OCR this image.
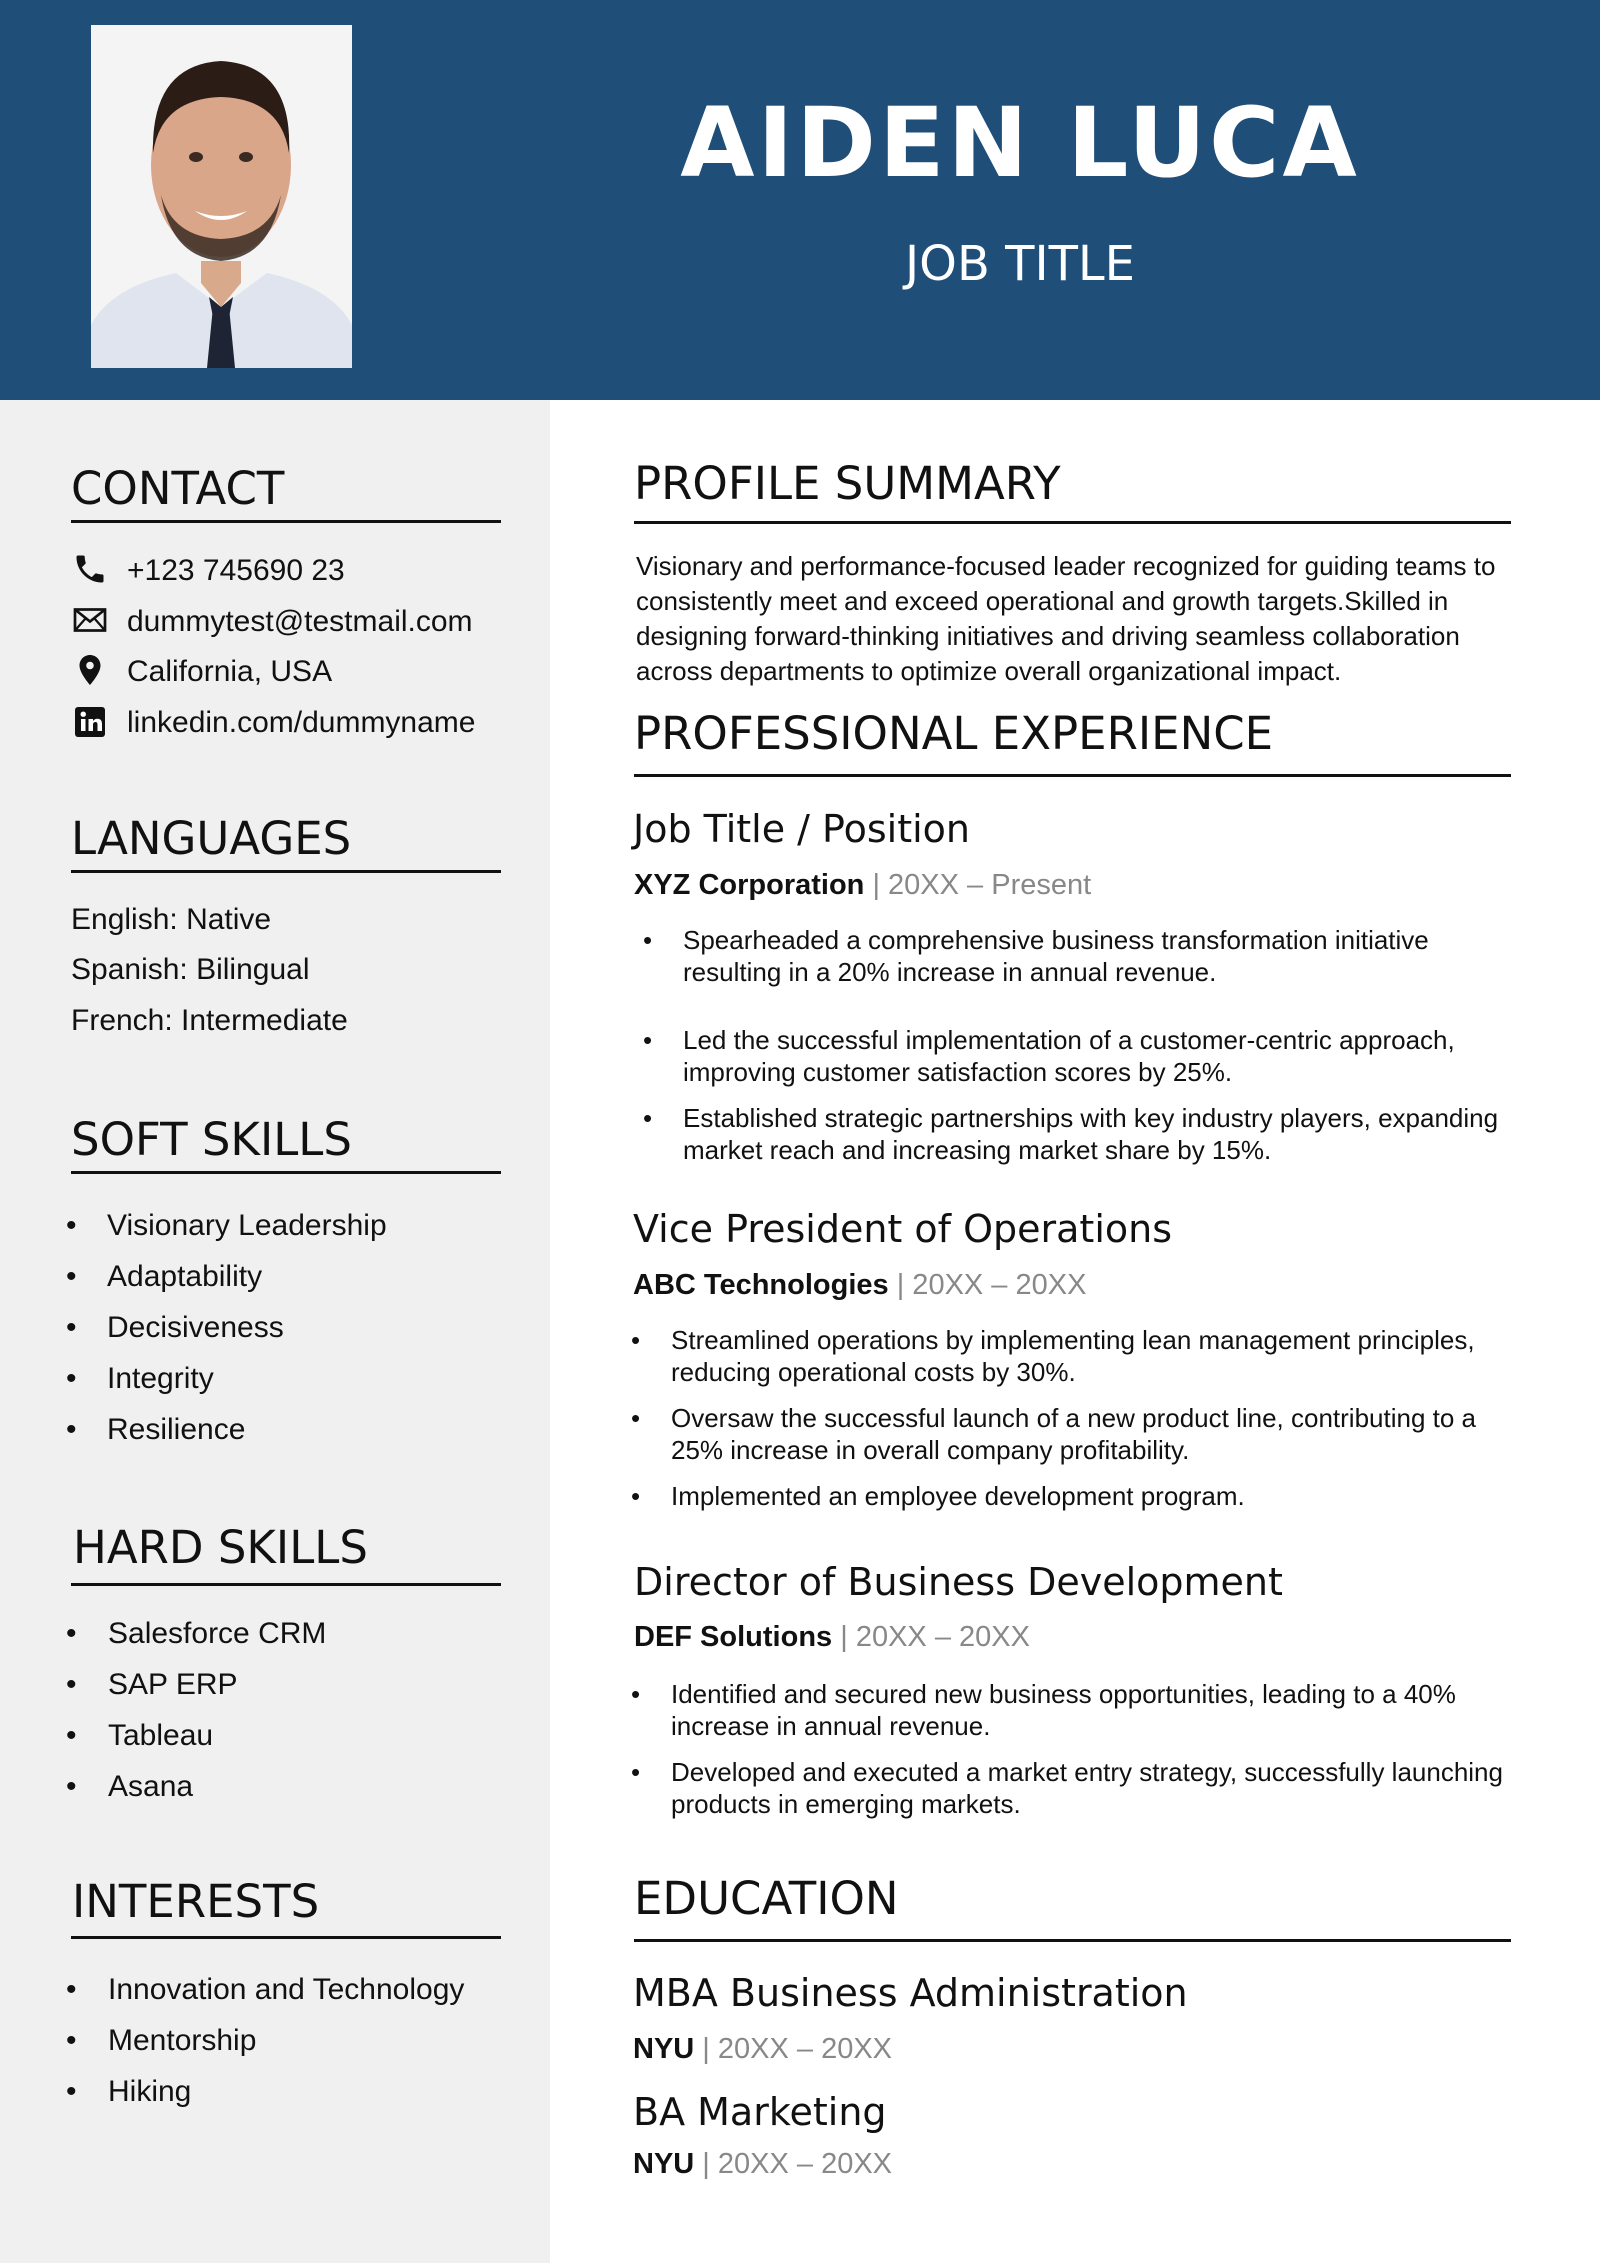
AIDEN LUCA
JOB TITLE
CONTACT
+123 745690 23
dummytest@testmail.com
California, USA
linkedin.com/dummyname
LANGUAGES
English: Native
Spanish: Bilingual
French: Intermediate
SOFT SKILLS
• Visionary Leadership
• Adaptability
• Decisiveness
• Integrity
• Resilience
HARD SKILLS
• Salesforce CRM
• SAP ERP
• Tableau
• Asana
INTERESTS
• Innovation and Technology
• Mentorship
• Hiking
PROFILE SUMMARY

Visionary and performance-focused leader recognized for guiding teams to consistently meet and exceed operational and growth targets.Skilled in designing forward-thinking initiatives and driving seamless collaboration across departments to optimize overall organizational impact.

PROFESSIONAL EXPERIENCE
Job Title / Position
XYZ Corporation | 20XX – Present

• Spearheaded a comprehensive business transformation initiative resulting in a 20% increase in annual revenue.

• Led the successful implementation of a customer-centric approach, improving customer satisfaction scores by 25%.

• Established strategic partnerships with key industry players, expanding market reach and increasing market share by 15%.

Vice President of Operations
ABC Technologies | 20XX – 20XX

• Streamlined operations by implementing lean management principles, reducing operational costs by 30%.

• Oversaw the successful launch of a new product line, contributing to a 25% increase in overall company profitability.

• Implemented an employee development program.

Director of Business Development
DEF Solutions | 20XX – 20XX

• Identified and secured new business opportunities, leading to a 40% increase in annual revenue.

• Developed and executed a market entry strategy, successfully launching products in emerging markets.

EDUCATION
MBA Business Administration
NYU | 20XX – 20XX
BA Marketing
NYU | 20XX – 20XX
